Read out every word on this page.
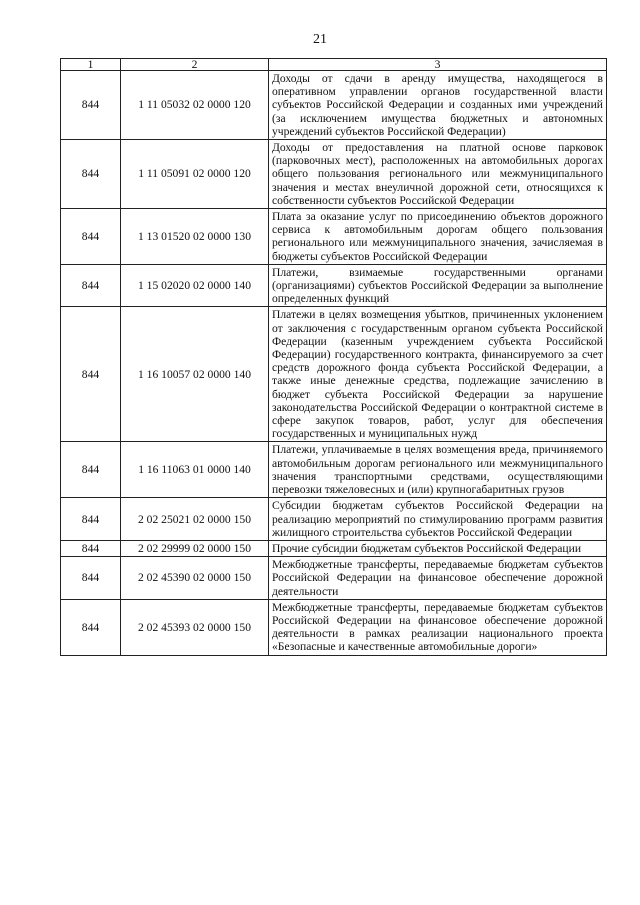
21
1	2	3
844	1 11 05032 02 0000 120	Доходы от сдачи в аренду имущества, находящегося в оперативном управлении органов государственной власти субъектов Российской Федерации и созданных ими учреждений (за исключением имущества бюджетных и автономных учреждений субъектов Российской Федерации)
844	1 11 05091 02 0000 120	Доходы от предоставления на платной основе парковок (парковочных мест), расположенных на автомобильных дорогах общего пользования регионального или межмуниципального значения и местах внеуличной дорожной сети, относящихся к собственности субъектов Российской Федерации
844	1 13 01520 02 0000 130	Плата за оказание услуг по присоединению объектов дорожного сервиса к автомобильным дорогам общего пользования регионального или межмуниципального значения, зачисляемая в бюджеты субъектов Российской Федерации
844	1 15 02020 02 0000 140	Платежи, взимаемые государственными органами (организациями) субъектов Российской Федерации за выполнение определенных функций
844	1 16 10057 02 0000 140	Платежи в целях возмещения убытков, причиненных уклонением от заключения с государственным органом субъекта Российской Федерации (казенным учреждением субъекта Российской Федерации) государственного контракта, финансируемого за счет средств дорожного фонда субъекта Российской Федерации, а также иные денежные средства, подлежащие зачислению в бюджет субъекта Российской Федерации за нарушение законодательства Российской Федерации о контрактной системе в сфере закупок товаров, работ, услуг для обеспечения государственных и муниципальных нужд
844	1 16 11063 01 0000 140	Платежи, уплачиваемые в целях возмещения вреда, причиняемого автомобильным дорогам регионального или межмуниципального значения транспортными средствами, осуществляющими перевозки тяжеловесных и (или) крупногабаритных грузов
844	2 02 25021 02 0000 150	Субсидии бюджетам субъектов Российской Федерации на реализацию мероприятий по стимулированию программ развития жилищного строительства субъектов Российской Федерации
844	2 02 29999 02 0000 150	Прочие субсидии бюджетам субъектов Российской Федерации
844	2 02 45390 02 0000 150	Межбюджетные трансферты, передаваемые бюджетам субъектов Российской Федерации на финансовое обеспечение дорожной деятельности
844	2 02 45393 02 0000 150	Межбюджетные трансферты, передаваемые бюджетам субъектов Российской Федерации на финансовое обеспечение дорожной деятельности в рамках реализации национального проекта «Безопасные и качественные автомобильные дороги»
